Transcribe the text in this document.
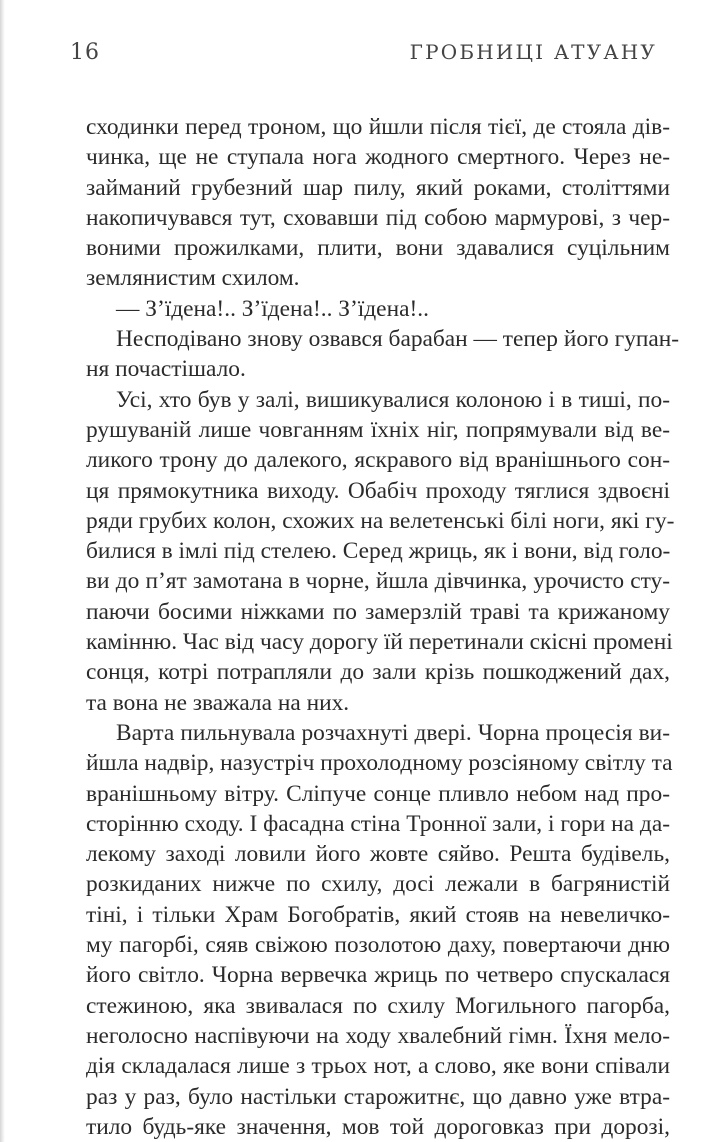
16	ГРОБНИЦІ АТУАНУ
сходинки перед троном, що йшли після тієї, де стояла дів-
чинка, ще не ступала нога жодного смертного. Через не-
займаний грубезний шар пилу, який роками, століттями
накопичувався тут, сховавши під собою мармурові, з чер-
воними прожилками, плити, вони здавалися суцільним
землянистим схилом.
— З’їдена!.. З’їдена!.. З’їдена!..
Несподівано знову озвався барабан — тепер його гупан-
ня почастішало.
Усі, хто був у залі, вишикувалися колоною і в тиші, по-
рушуваній лише човганням їхніх ніг, попрямували від ве-
ликого трону до далекого, яскравого від вранішнього сон-
ця прямокутника виходу. Обабіч проходу тяглися здвоєні
ряди грубих колон, схожих на велетенські білі ноги, які гу-
билися в імлі під стелею. Серед жриць, як і вони, від голо-
ви до п’ят замотана в чорне, йшла дівчинка, урочисто сту-
паючи босими ніжками по замерзлій траві та крижаному
камінню. Час від часу дорогу їй перетинали скісні промені
сонця, котрі потрапляли до зали крізь пошкоджений дах,
та вона не зважала на них.
Варта пильнувала розчахнуті двері. Чорна процесія ви-
йшла надвір, назустріч прохолодному розсіяному світлу та
вранішньому вітру. Сліпуче сонце пливло небом над про-
сторінню сходу. І фасадна стіна Тронної зали, і гори на да-
лекому заході ловили його жовте сяйво. Решта будівель,
розкиданих нижче по схилу, досі лежали в багрянистій
тіні, і тільки Храм Богобратів, який стояв на невеличко-
му пагорбі, сяяв свіжою позолотою даху, повертаючи дню
його світло. Чорна вервечка жриць по четверо спускалася
стежиною, яка звивалася по схилу Могильного пагорба,
неголосно наспівуючи на ходу хвалебний гімн. Їхня мело-
дія складалася лише з трьох нот, а слово, яке вони співали
раз у раз, було настільки старожитнє, що давно уже втра-
тило будь-яке значення, мов той дороговказ при дорозі,
